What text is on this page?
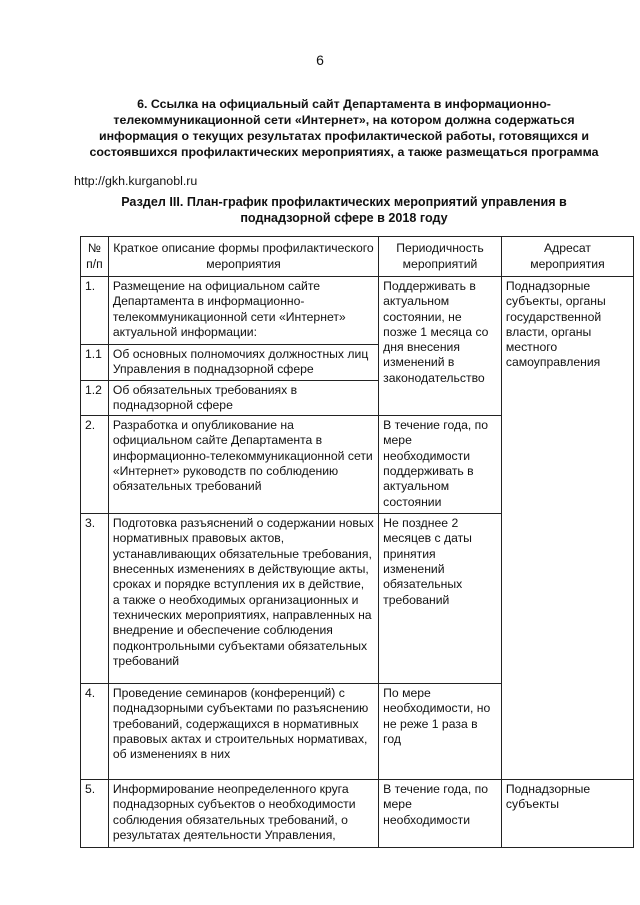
6
6. Ссылка на официальный сайт Департамента в информационно-телекоммуникационной сети «Интернет», на котором должна содержаться информация о текущих результатах профилактической работы, готовящихся и состоявшихся профилактических мероприятиях, а также размещаться программа
http://gkh.kurganobl.ru
Раздел III. План-график профилактических мероприятий управления в поднадзорной сфере в 2018 году
№ п/п	Краткое описание формы профилактического мероприятия	Периодичность мероприятий	Адресат мероприятия
1.	Размещение на официальном сайте Департамента в информационно-телекоммуникационной сети «Интернет» актуальной информации:	Поддерживать в актуальном состоянии, не позже 1 месяца со дня внесения изменений в законодательство	Поднадзорные субъекты, органы государственной власти, органы местного самоуправления
1.1	Об основных полномочиях должностных лиц Управления в поднадзорной сфере		
1.2	Об обязательных требованиях в поднадзорной сфере		
2.	Разработка и опубликование на официальном сайте Департамента в информационно-телекоммуникационной сети «Интернет» руководств по соблюдению обязательных требований	В течение года, по мере необходимости поддерживать в актуальном состоянии	
3.	Подготовка разъяснений о содержании новых нормативных правовых актов, устанавливающих обязательные требования, внесенных изменениях в действующие акты, сроках и порядке вступления их в действие, а также о необходимых организационных и технических мероприятиях, направленных на внедрение и обеспечение соблюдения подконтрольными субъектами обязательных требований	Не позднее 2 месяцев с даты принятия изменений обязательных требований	
4.	Проведение семинаров (конференций) с поднадзорными субъектами по разъяснению требований, содержащихся в нормативных правовых актах и строительных нормативах, об изменениях в них	По мере необходимости, но не реже 1 раза в год	
5.	Информирование неопределенного круга поднадзорных субъектов о необходимости соблюдения обязательных требований, о результатах деятельности Управления,	В течение года, по мере необходимости	Поднадзорные субъекты
